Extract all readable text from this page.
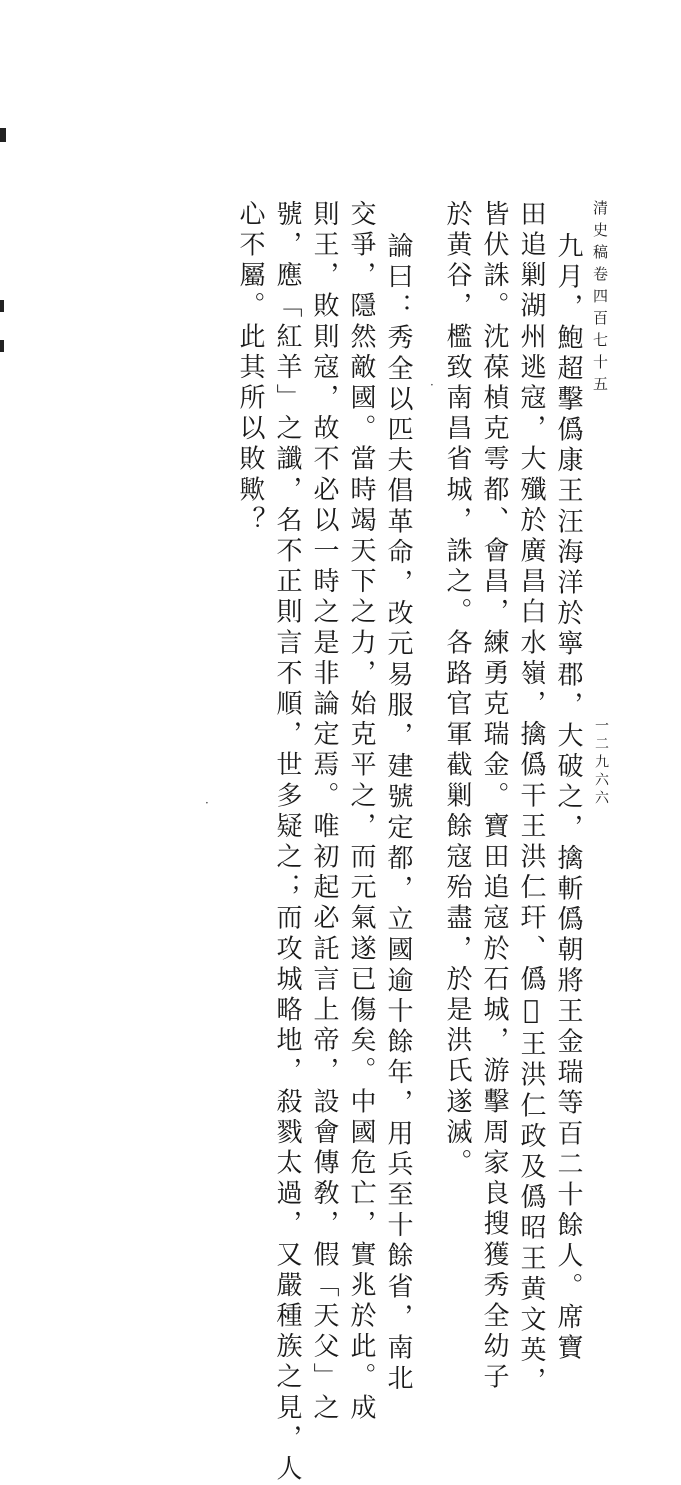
清史稿卷四百七十五
一二九六六
九月，鮑超擊僞康王汪海洋於寧郡，大破之，擒斬僞朝將王金瑞等百二十餘人。席寶
田追剿湖州逃寇，大殲於廣昌白水嶺，擒僞干王洪仁玕、僞𠇶王洪仁政及僞昭王黄文英，
皆伏誅。沈葆楨克雩都、會昌，練勇克瑞金。寶田追寇於石城，游擊周家良搜獲秀全幼子
於黄谷，檻致南昌省城，誅之。各路官軍截剿餘寇殆盡，於是洪氏遂滅。
論曰：秀全以匹夫倡革命，改元易服，建號定都，立國逾十餘年，用兵至十餘省，南北
交爭，隱然敵國。當時竭天下之力，始克平之，而元氣遂已傷矣。中國危亡，實兆於此。成
則王，敗則寇，故不必以一時之是非論定焉。唯初起必託言上帝，設會傳敎，假「天父」之
號，應「紅羊」之讖，名不正則言不順，世多疑之；而攻城略地，殺戮太過，又嚴種族之見，人
心不屬。此其所以敗歟？	·
·
